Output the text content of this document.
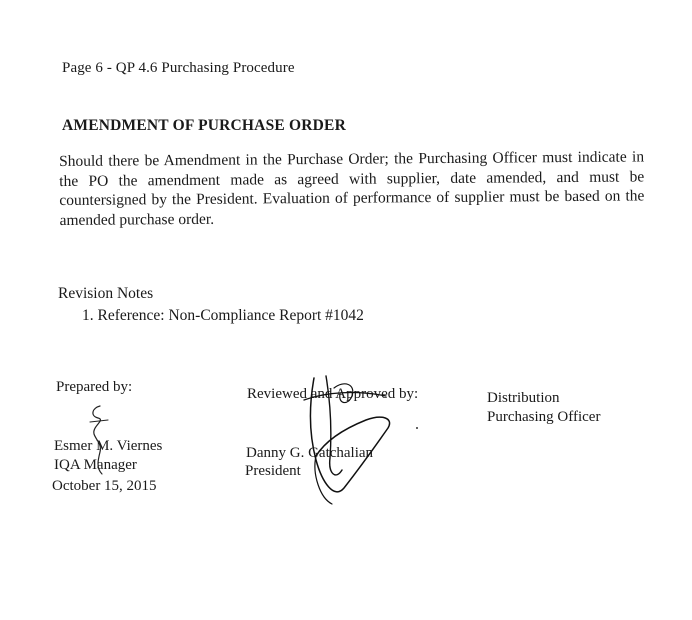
Page 6 - QP 4.6 Purchasing Procedure
AMENDMENT OF PURCHASE ORDER
Should there be Amendment in the Purchase Order; the Purchasing Officer must indicate in the PO the amendment made as agreed with supplier, date amended, and must be countersigned by the President. Evaluation of performance of supplier must be based on the amended purchase order.
Revision Notes
1. Reference: Non-Compliance Report #1042
Prepared by:
Esmer M. Viernes
IQA Manager
October 15, 2015
Reviewed and Approved by:
Danny G. Gatchalian
President
Distribution
Purchasing Officer
